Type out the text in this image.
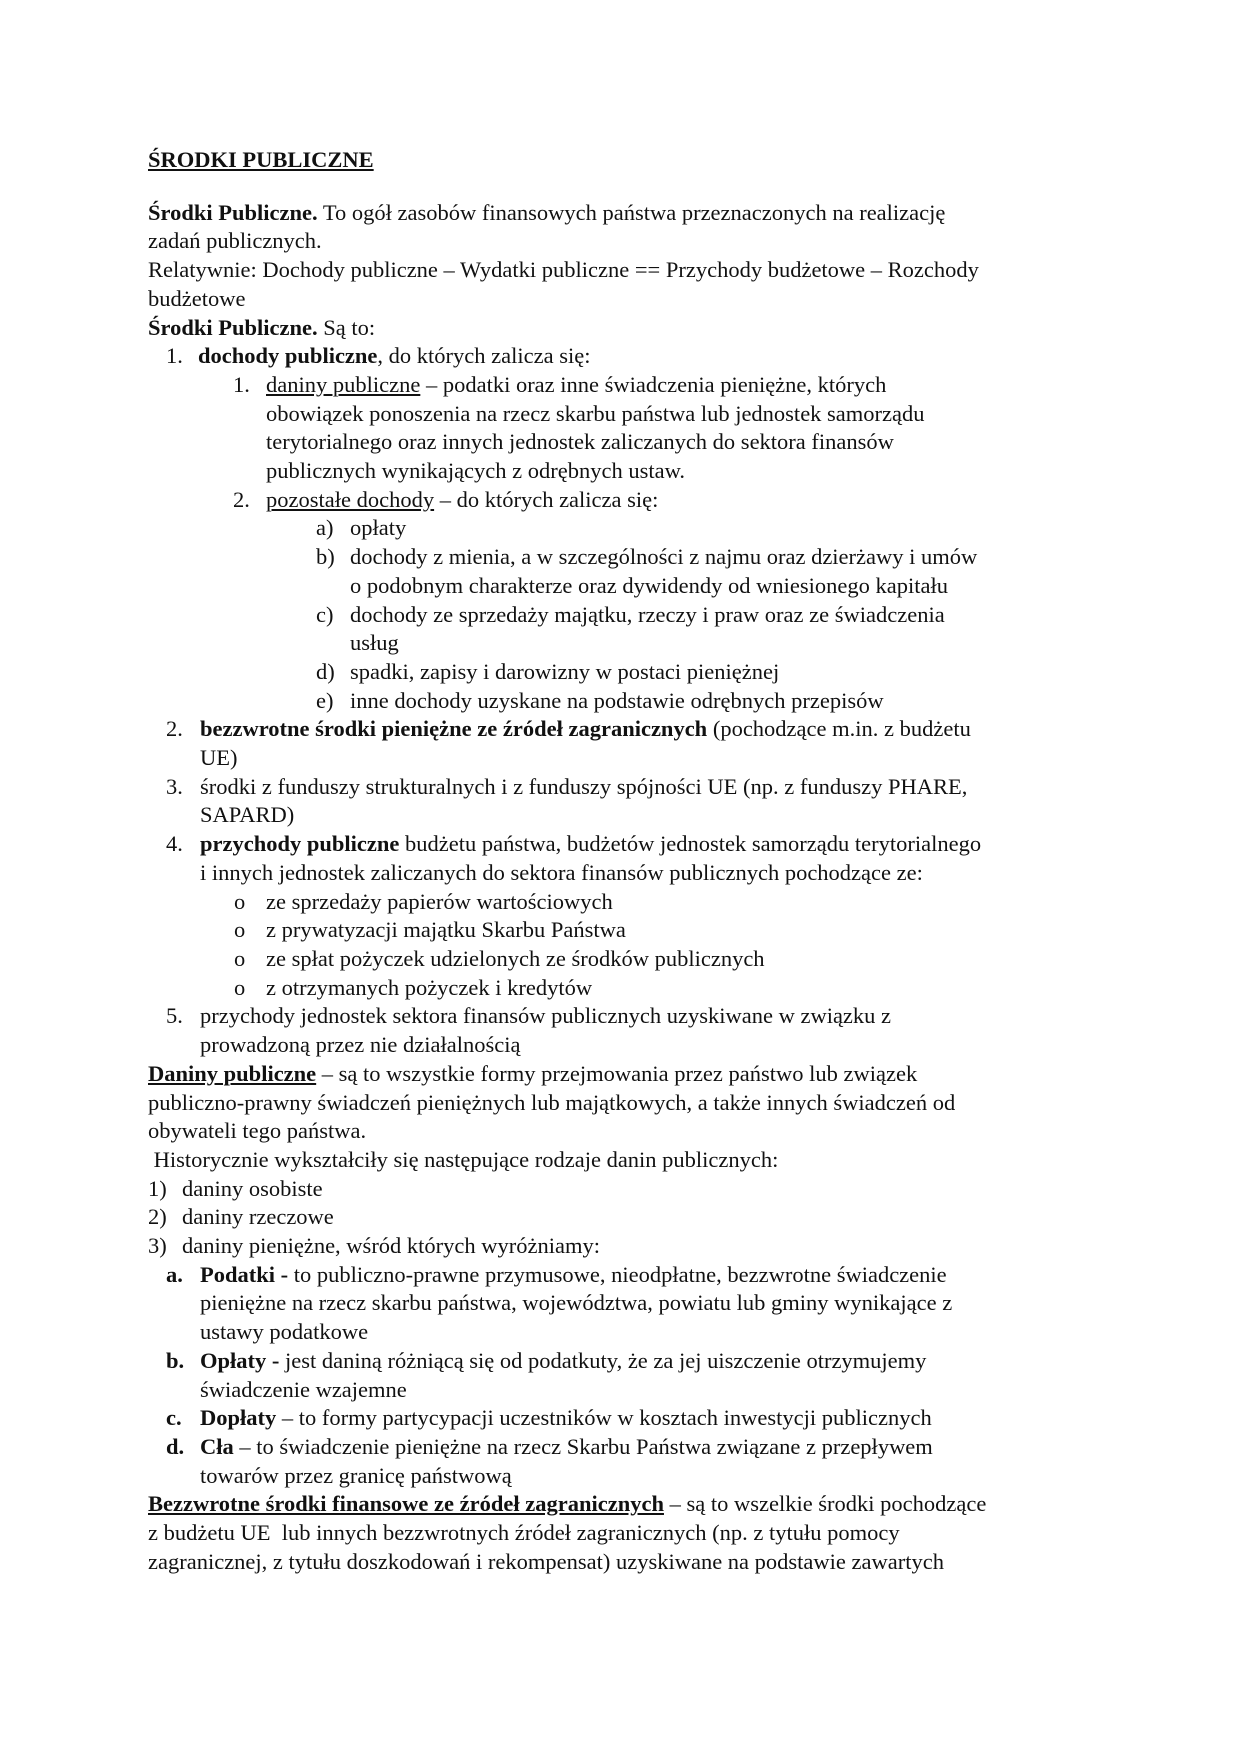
ŚRODKI PUBLICZNE
Środki Publiczne. To ogół zasobów finansowych państwa przeznaczonych na realizację
zadań publicznych.
Relatywnie: Dochody publiczne – Wydatki publiczne == Przychody budżetowe – Rozchody
budżetowe
Środki Publiczne. Są to:
1. dochody publiczne, do których zalicza się:
1. daniny publiczne – podatki oraz inne świadczenia pieniężne, których
obowiązek ponoszenia na rzecz skarbu państwa lub jednostek samorządu
terytorialnego oraz innych jednostek zaliczanych do sektora finansów
publicznych wynikających z odrębnych ustaw.
2. pozostałe dochody – do których zalicza się:
a) opłaty
b) dochody z mienia, a w szczególności z najmu oraz dzierżawy i umów
o podobnym charakterze oraz dywidendy od wniesionego kapitału
c) dochody ze sprzedaży majątku, rzeczy i praw oraz ze świadczenia
usług
d) spadki, zapisy i darowizny w postaci pieniężnej
e) inne dochody uzyskane na podstawie odrębnych przepisów
2. bezzwrotne środki pieniężne ze źródeł zagranicznych (pochodzące m.in. z budżetu
UE)
3. środki z funduszy strukturalnych i z funduszy spójności UE (np. z funduszy PHARE,
SAPARD)
4. przychody publiczne budżetu państwa, budżetów jednostek samorządu terytorialnego
i innych jednostek zaliczanych do sektora finansów publicznych pochodzące ze:
o ze sprzedaży papierów wartościowych
o z prywatyzacji majątku Skarbu Państwa
o ze spłat pożyczek udzielonych ze środków publicznych
o z otrzymanych pożyczek i kredytów
5. przychody jednostek sektora finansów publicznych uzyskiwane w związku z
prowadzoną przez nie działalnością
Daniny publiczne – są to wszystkie formy przejmowania przez państwo lub związek
publiczno-prawny świadczeń pieniężnych lub majątkowych, a także innych świadczeń od
obywateli tego państwa.
Historycznie wykształciły się następujące rodzaje danin publicznych:
1) daniny osobiste
2) daniny rzeczowe
3) daniny pieniężne, wśród których wyróżniamy:
a. Podatki - to publiczno-prawne przymusowe, nieodpłatne, bezzwrotne świadczenie
pieniężne na rzecz skarbu państwa, województwa, powiatu lub gminy wynikające z
ustawy podatkowe
b. Opłaty - jest daniną różniącą się od podatkuty, że za jej uiszczenie otrzymujemy
świadczenie wzajemne
c. Dopłaty – to formy partycypacji uczestników w kosztach inwestycji publicznych
d. Cła – to świadczenie pieniężne na rzecz Skarbu Państwa związane z przepływem
towarów przez granicę państwową
Bezzwrotne środki finansowe ze źródeł zagranicznych – są to wszelkie środki pochodzące
z budżetu UE  lub innych bezzwrotnych źródeł zagranicznych (np. z tytułu pomocy
zagranicznej, z tytułu doszkodowań i rekompensat) uzyskiwane na podstawie zawartych
